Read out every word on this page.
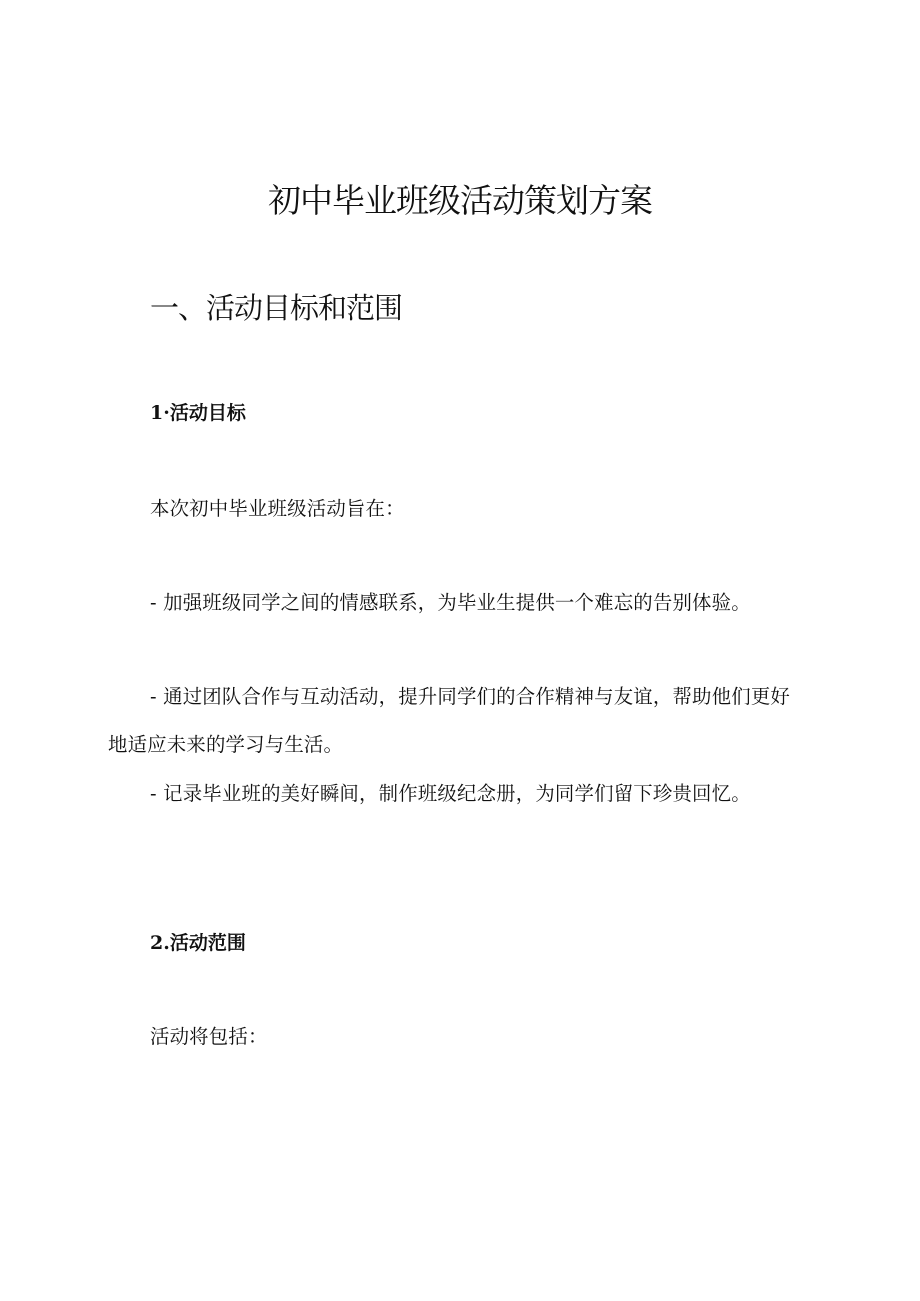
初中毕业班级活动策划方案
一、活动目标和范围
1·活动目标

本次初中毕业班级活动旨在：

- 加强班级同学之间的情感联系，为毕业生提供一个难忘的告别体验。

- 通过团队合作与互动活动，提升同学们的合作精神与友谊，帮助他们更好地适应未来的学习与生活。

- 记录毕业班的美好瞬间，制作班级纪念册，为同学们留下珍贵回忆。

2.活动范围

活动将包括：
